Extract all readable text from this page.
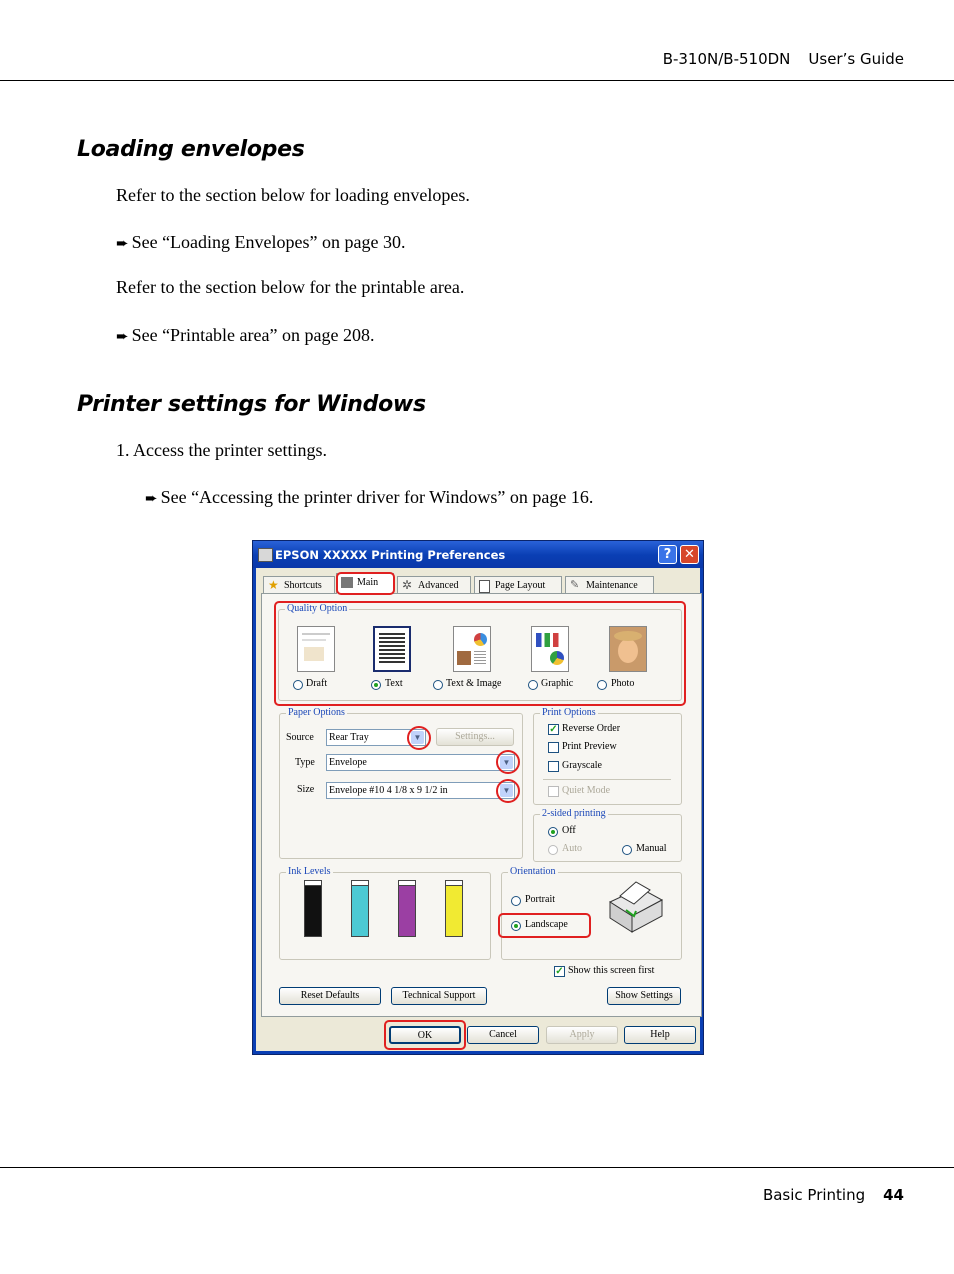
B-310N/B-510DN User’s Guide
Loading envelopes
Refer to the section below for loading envelopes.
➨ See “Loading Envelopes” on page 30.
Refer to the section below for the printable area.
➨ See “Printable area” on page 208.
Printer settings for Windows
1. Access the printer settings.
➨ See “Accessing the printer driver for Windows” on page 16.
EPSON XXXXX Printing Preferences	? ✕
★ Shortcuts	Main	✲ Advanced	Page Layout	✎ Maintenance
Quality Option
Draft	Text	Text & Image	Graphic	Photo
Paper Options
Source	Rear Tray	▼	Settings...
Type	Envelope	▼
Size	Envelope #10 4 1/8 x 9 1/2 in	▼
Print Options
✓ Reverse Order
Print Preview
Grayscale
Quiet Mode
2-sided printing
Off
Auto	Manual
Ink Levels	Orientation
Portrait
Landscape
✓ Show this screen first
Reset Defaults	Technical Support	Show Settings
OK	Cancel	Apply	Help
Basic Printing 44
